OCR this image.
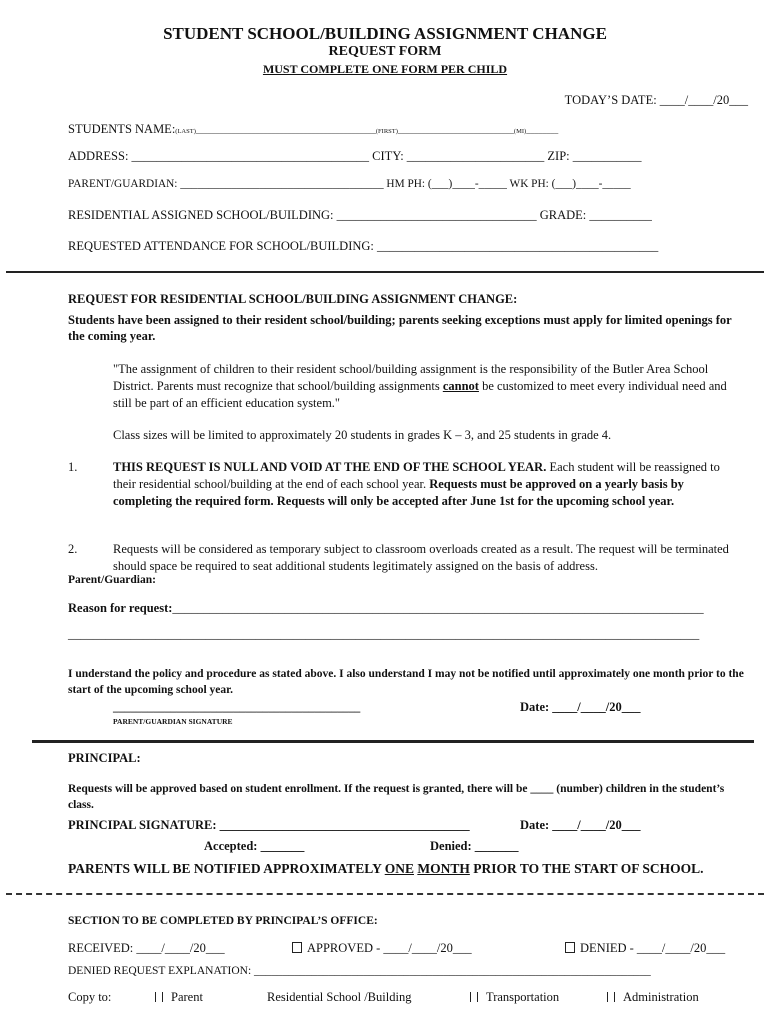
STUDENT SCHOOL/BUILDING ASSIGNMENT CHANGE
REQUEST FORM
MUST COMPLETE ONE FORM PER CHILD
TODAY’S DATE: ____/____/20___
STUDENTS NAME:(LAST)_____________________________________________(FIRST)_____________________________(MI)________
ADDRESS: ______________________________________ CITY: ______________________ ZIP: ___________
PARENT/GUARDIAN: ____________________________________ HM PH: (___)____-_____ WK PH: (___)____-_____
RESIDENTIAL ASSIGNED SCHOOL/BUILDING: ________________________________ GRADE: __________
REQUESTED ATTENDANCE FOR SCHOOL/BUILDING: _____________________________________________
REQUEST FOR RESIDENTIAL SCHOOL/BUILDING ASSIGNMENT CHANGE:
Students have been assigned to their resident school/building; parents seeking exceptions must apply for limited openings for the coming year.
"The assignment of children to their resident school/building assignment is the responsibility of the Butler Area School District. Parents must recognize that school/building assignments cannot be customized to meet every individual need and still be part of an efficient education system."
Class sizes will be limited to approximately 20 students in grades K – 3, and 25 students in grade 4.
1.	THIS REQUEST IS NULL AND VOID AT THE END OF THE SCHOOL YEAR. Each student will be reassigned to their residential school/building at the end of each school year. Requests must be approved on a yearly basis by completing the required form. Requests will only be accepted after June 1st for the upcoming school year.
2.	Requests will be considered as temporary subject to classroom overloads created as a result. The request will be terminated should space be required to seat additional students legitimately assigned on the basis of address.
Parent/Guardian:
Reason for request:_____________________________________________________________________________________
_____________________________________________________________________________________________________
I understand the policy and procedure as stated above. I also understand I may not be notified until approximately one month prior to the start of the upcoming school year.
___________________________________________	Date: ____/____/20___
PARENT/GUARDIAN SIGNATURE
PRINCIPAL:
Requests will be approved based on student enrollment. If the request is granted, there will be ____ (number) children in the student’s class.
PRINCIPAL SIGNATURE: ________________________________________	Date: ____/____/20___
Accepted: _______	Denied: _______
PARENTS WILL BE NOTIFIED APPROXIMATELY ONE MONTH PRIOR TO THE START OF SCHOOL.
SECTION TO BE COMPLETED BY PRINCIPAL’S OFFICE:
RECEIVED: ____/____/20___	APPROVED - ____/____/20___	DENIED - ____/____/20___
DENIED REQUEST EXPLANATION: _____________________________________________________________________
Copy to:	Parent	Residential School /Building	Transportation	Administration
